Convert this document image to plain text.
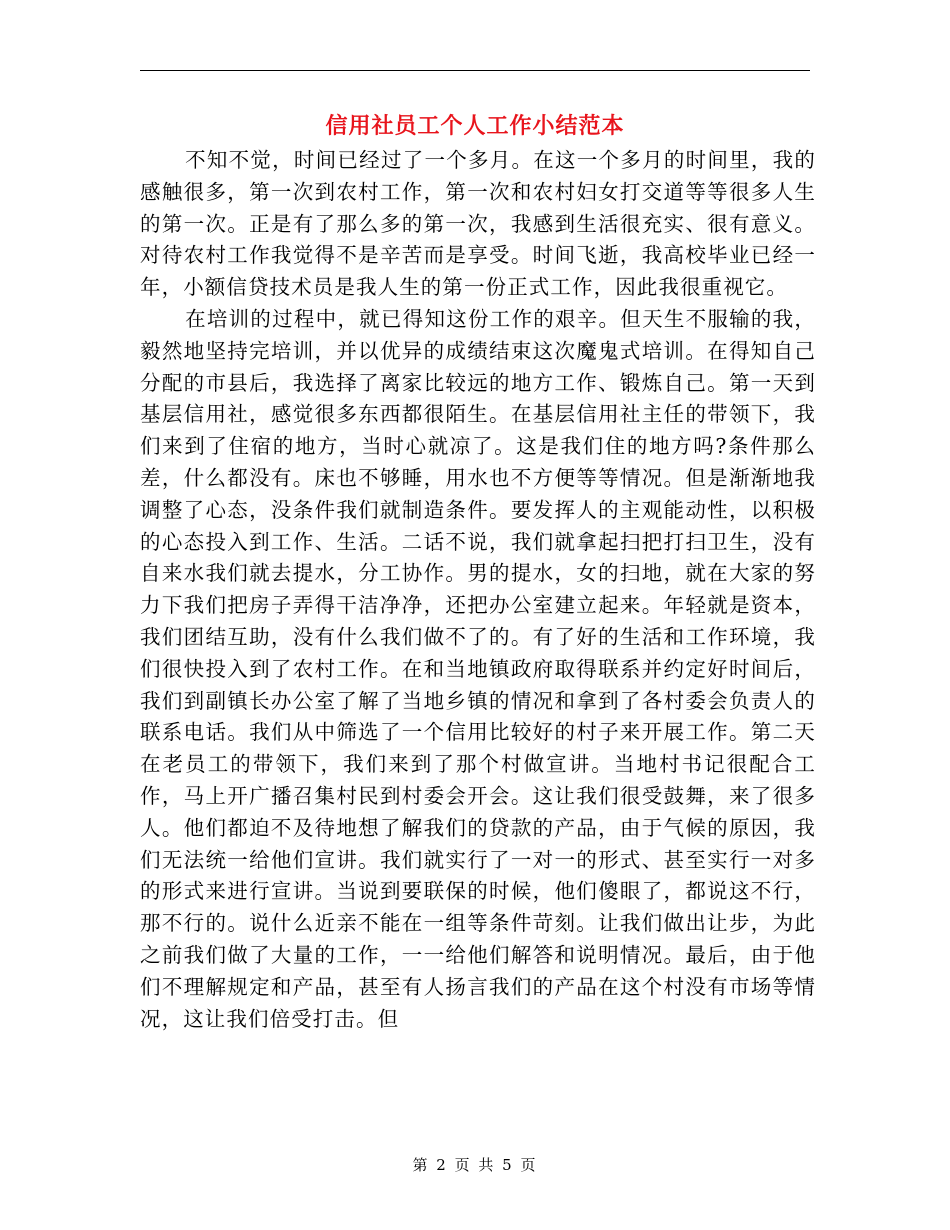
信用社员工个人工作小结范本

不知不觉，时间已经过了一个多月。在这一个多月的时间里，我的感触很多，第一次到农村工作，第一次和农村妇女打交道等等很多人生的第一次。正是有了那么多的第一次，我感到生活很充实、很有意义。对待农村工作我觉得不是辛苦而是享受。时间飞逝，我高校毕业已经一年，小额信贷技术员是我人生的第一份正式工作，因此我很重视它。

在培训的过程中，就已得知这份工作的艰辛。但天生不服输的我，毅然地坚持完培训，并以优异的成绩结束这次魔鬼式培训。在得知自己分配的市县后，我选择了离家比较远的地方工作、锻炼自己。第一天到基层信用社，感觉很多东西都很陌生。在基层信用社主任的带领下，我们来到了住宿的地方，当时心就凉了。这是我们住的地方吗?条件那么差，什么都没有。床也不够睡，用水也不方便等等情况。但是渐渐地我调整了心态，没条件我们就制造条件。要发挥人的主观能动性，以积极的心态投入到工作、生活。二话不说，我们就拿起扫把打扫卫生，没有自来水我们就去提水，分工协作。男的提水，女的扫地，就在大家的努力下我们把房子弄得干洁净净，还把办公室建立起来。年轻就是资本，我们团结互助，没有什么我们做不了的。有了好的生活和工作环境，我们很快投入到了农村工作。在和当地镇政府取得联系并约定好时间后，我们到副镇长办公室了解了当地乡镇的情况和拿到了各村委会负责人的联系电话。我们从中筛选了一个信用比较好的村子来开展工作。第二天在老员工的带领下，我们来到了那个村做宣讲。当地村书记很配合工作，马上开广播召集村民到村委会开会。这让我们很受鼓舞，来了很多人。他们都迫不及待地想了解我们的贷款的产品，由于气候的原因，我们无法统一给他们宣讲。我们就实行了一对一的形式、甚至实行一对多的形式来进行宣讲。当说到要联保的时候，他们傻眼了，都说这不行，那不行的。说什么近亲不能在一组等条件苛刻。让我们做出让步，为此之前我们做了大量的工作，一一给他们解答和说明情况。最后，由于他们不理解规定和产品，甚至有人扬言我们的产品在这个村没有市场等情况，这让我们倍受打击。但

第 2 页 共 5 页
